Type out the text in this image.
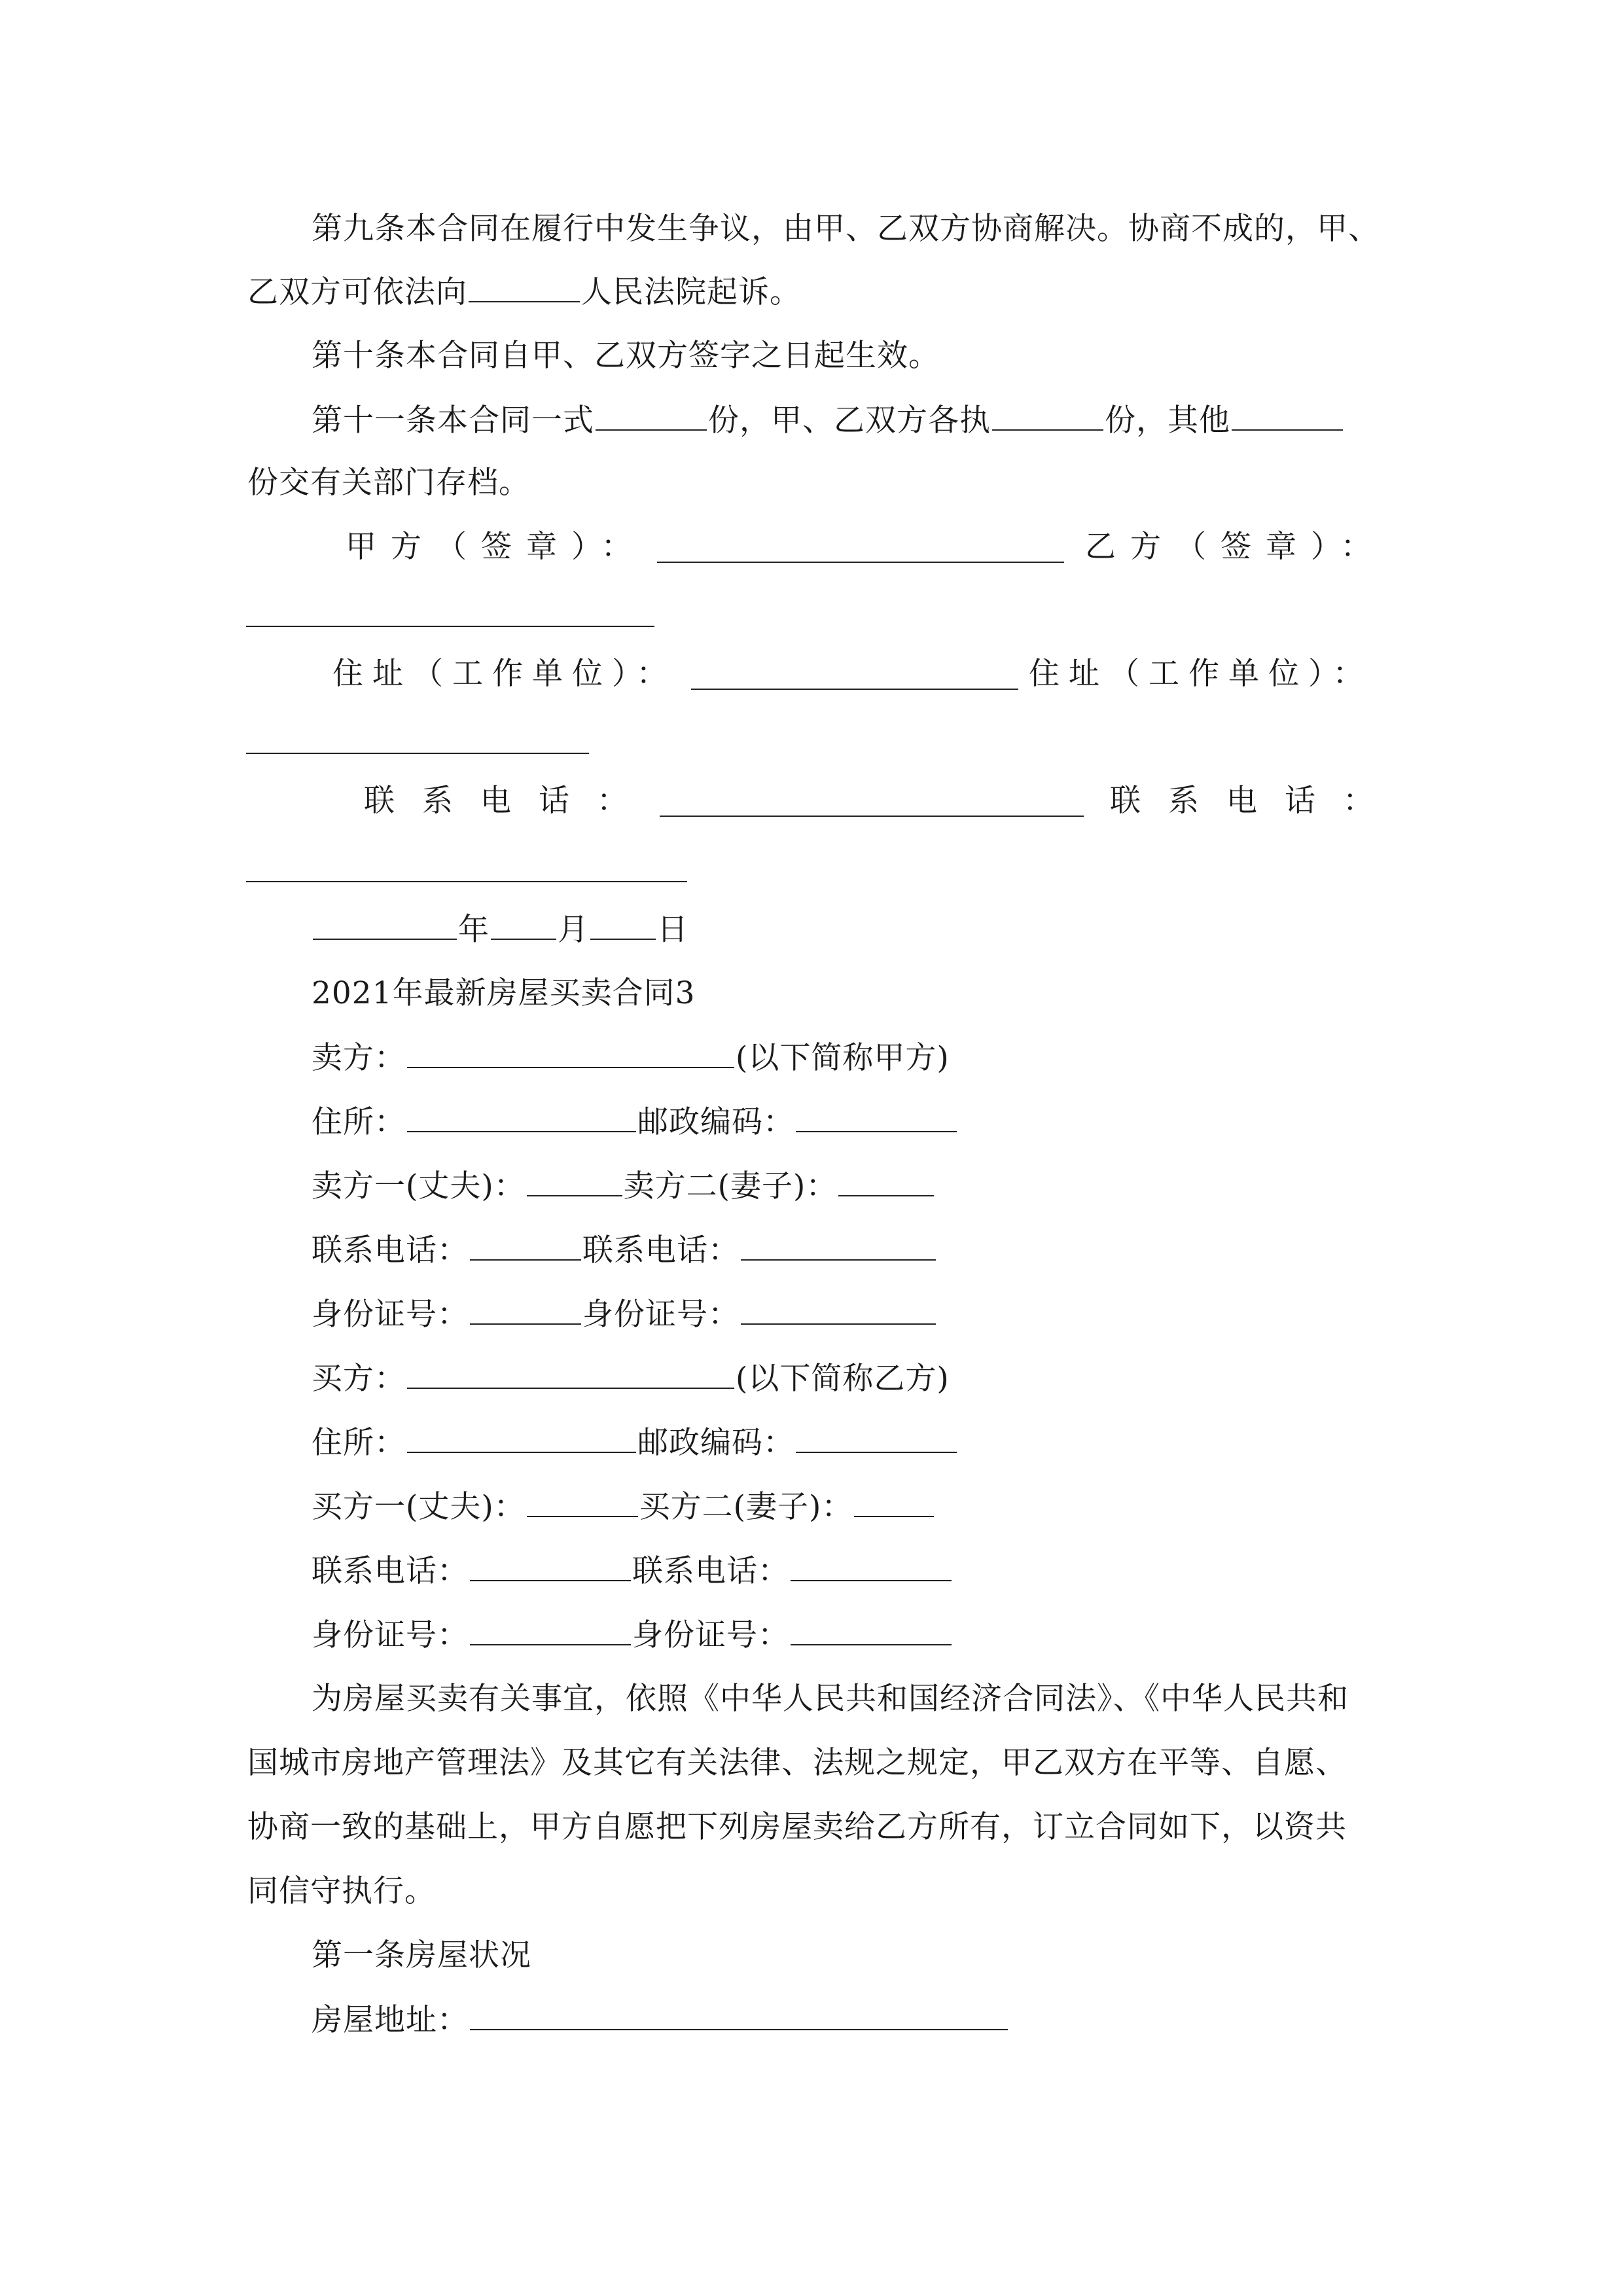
第九条本合同在履行中发生争议，由甲、乙双方协商解决。协商不成的，甲、
乙双方可依法向	人民法院起诉。
第十条本合同自甲、乙双方签字之日起生效。
第十一条本合同一式	份，甲、乙双方各执	份，其他
份交有关部门存档。
甲方（签章）：	乙方（签章）：
住址（工作单位）：	住址（工作单位）：
联系电话：	联系电话：
年 月 日
2021年最新房屋买卖合同3
卖方：	(以下简称甲方)
住所：	邮政编码：
卖方一(丈夫)：	卖方二(妻子)：
联系电话：	联系电话：
身份证号：	身份证号：
买方：	(以下简称乙方)
住所：	邮政编码：
买方一(丈夫)：	买方二(妻子)：
联系电话：	联系电话：
身份证号：	身份证号：
为房屋买卖有关事宜，依照《中华人民共和国经济合同法》、《中华人民共和
国城市房地产管理法》及其它有关法律、法规之规定，甲乙双方在平等、自愿、
协商一致的基础上，甲方自愿把下列房屋卖给乙方所有，订立合同如下，以资共
同信守执行。
第一条房屋状况
房屋地址：
